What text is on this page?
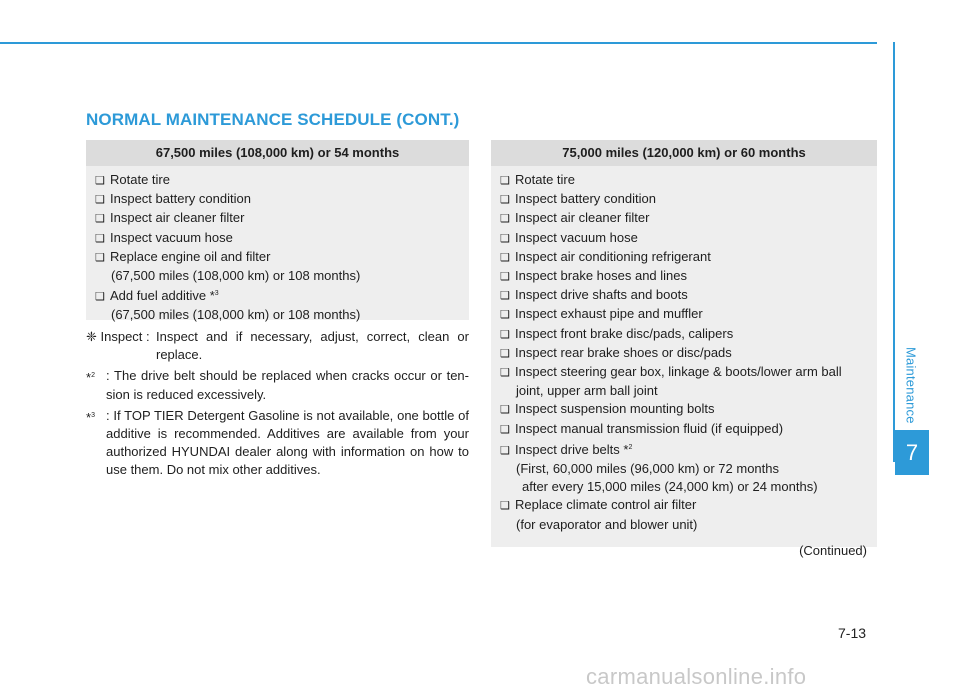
Maintenance
7
NORMAL MAINTENANCE SCHEDULE (CONT.)
67,500 miles (108,000 km) or 54 months
❑ Rotate tire
❑ Inspect battery condition
❑ Inspect air cleaner filter
❑ Inspect vacuum hose
❑ Replace engine oil and filter
(67,500 miles (108,000 km) or 108 months)
❑ Add fuel additive *$^3$
(67,500 miles (108,000 km) or 108 months)
❈ Inspect : Inspect and if necessary, adjust, correct, clean or replace.
*$^2$ : The drive belt should be replaced when cracks occur or ten-sion is reduced excessively.
*$^3$ : If TOP TIER Detergent Gasoline is not available, one bottle of additive is recommended. Additives are available from your authorized HYUNDAI dealer along with information on how to use them. Do not mix other additives.
75,000 miles (120,000 km) or 60 months
❑ Rotate tire
❑ Inspect battery condition
❑ Inspect air cleaner filter
❑ Inspect vacuum hose
❑ Inspect air conditioning refrigerant
❑ Inspect brake hoses and lines
❑ Inspect drive shafts and boots
❑ Inspect exhaust pipe and muffler
❑ Inspect front brake disc/pads, calipers
❑ Inspect rear brake shoes or disc/pads
❑ Inspect steering gear box, linkage & boots/lower arm ball
joint, upper arm ball joint
❑ Inspect suspension mounting bolts
❑ Inspect manual transmission fluid (if equipped)
❑ Inspect drive belts *$^2$
(First, 60,000 miles (96,000 km) or 72 months
after every 15,000 miles (24,000 km) or 24 months)
❑ Replace climate control air filter
(for evaporator and blower unit)
(Continued)
7-13
carmanualsonline.info
